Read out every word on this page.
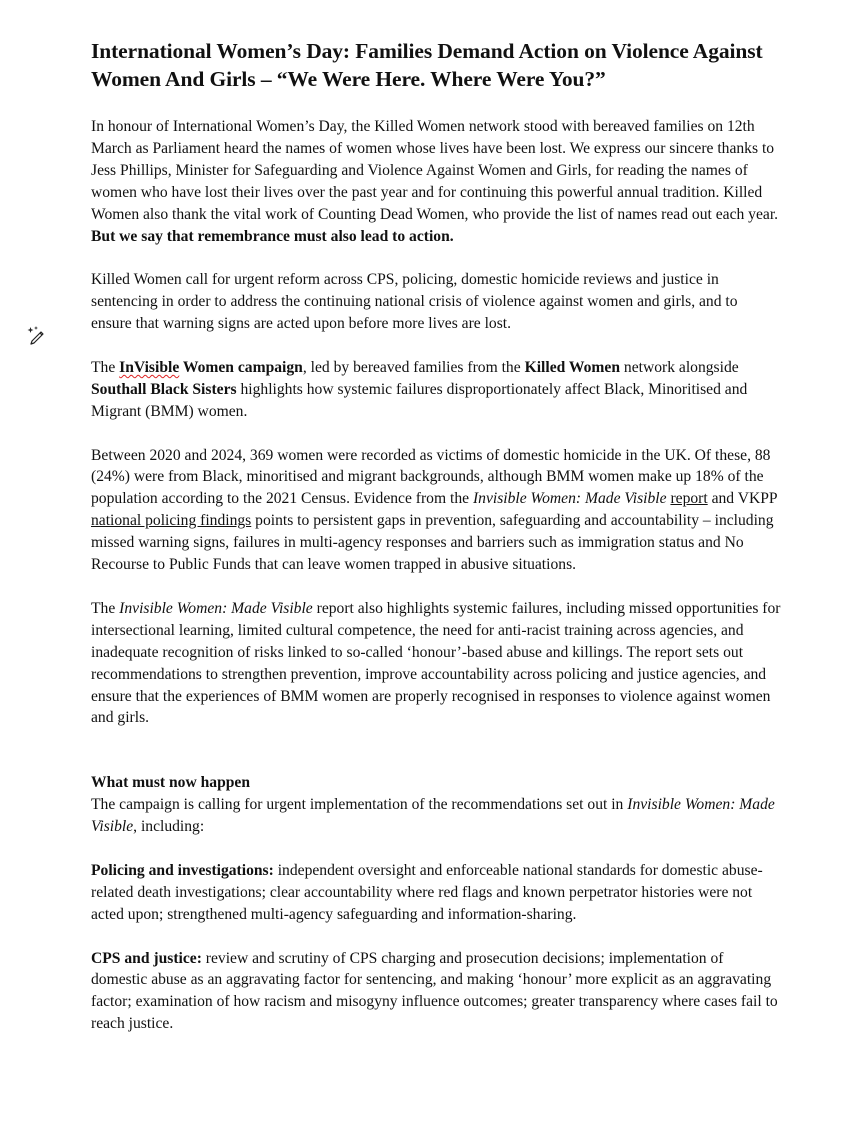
International Women’s Day: Families Demand Action on Violence Against Women And Girls – “We Were Here. Where Were You?”

In honour of International Women’s Day, the Killed Women network stood with bereaved families on 12th March as Parliament heard the names of women whose lives have been lost. We express our sincere thanks to Jess Phillips, Minister for Safeguarding and Violence Against Women and Girls, for reading the names of women who have lost their lives over the past year and for continuing this powerful annual tradition. Killed Women also thank the vital work of Counting Dead Women, who provide the list of names read out each year.
But we say that remembrance must also lead to action.

Killed Women call for urgent reform across CPS, policing, domestic homicide reviews and justice in sentencing in order to address the continuing national crisis of violence against women and girls, and to ensure that warning signs are acted upon before more lives are lost.

The InVisible Women campaign, led by bereaved families from the Killed Women network alongside Southall Black Sisters highlights how systemic failures disproportionately affect Black, Minoritised and Migrant (BMM) women.

Between 2020 and 2024, 369 women were recorded as victims of domestic homicide in the UK. Of these, 88 (24%) were from Black, minoritised and migrant backgrounds, although BMM women make up 18% of the population according to the 2021 Census. Evidence from the Invisible Women: Made Visible report and VKPP national policing findings points to persistent gaps in prevention, safeguarding and accountability – including missed warning signs, failures in multi-agency responses and barriers such as immigration status and No Recourse to Public Funds that can leave women trapped in abusive situations.

The Invisible Women: Made Visible report also highlights systemic failures, including missed opportunities for intersectional learning, limited cultural competence, the need for anti-racist training across agencies, and inadequate recognition of risks linked to so-called ‘honour’-based abuse and killings. The report sets out recommendations to strengthen prevention, improve accountability across policing and justice agencies, and ensure that the experiences of BMM women are properly recognised in responses to violence against women and girls.

What must now happen
The campaign is calling for urgent implementation of the recommendations set out in Invisible Women: Made Visible, including:

Policing and investigations: independent oversight and enforceable national standards for domestic abuse-related death investigations; clear accountability where red flags and known perpetrator histories were not acted upon; strengthened multi-agency safeguarding and information-sharing.

CPS and justice: review and scrutiny of CPS charging and prosecution decisions; implementation of domestic abuse as an aggravating factor for sentencing, and making ‘honour’ more explicit as an aggravating factor; examination of how racism and misogyny influence outcomes; greater transparency where cases fail to reach justice.
